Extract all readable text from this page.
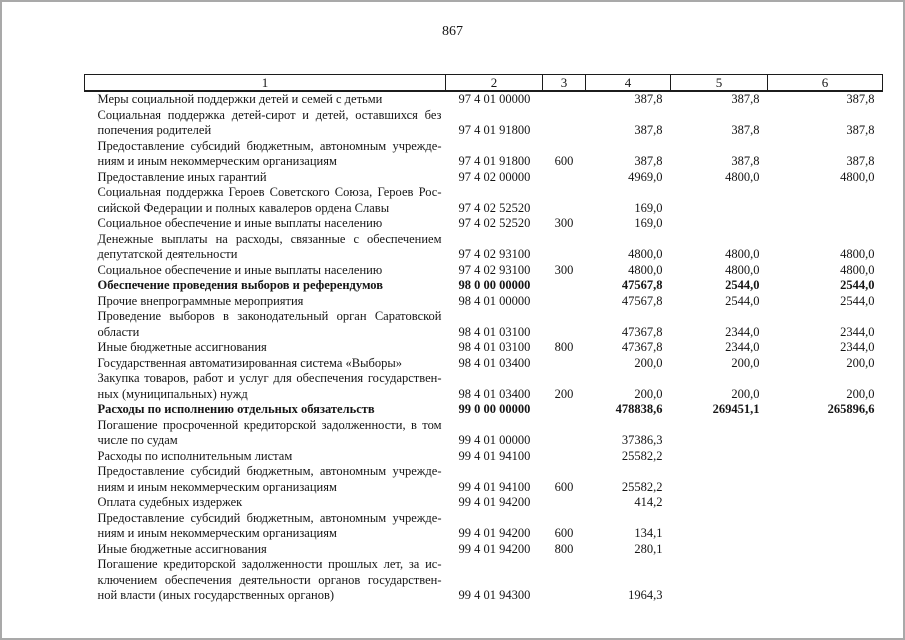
867
1	2	3	4	5	6

Меры социальной поддержки детей и семей с детьми	97 4 01 00000		387,8	387,8	387,8

Социальная поддержка детей-сирот и детей, оставшихся без
попечения родителей	97 4 01 91800		387,8	387,8	387,8

Предоставление субсидий бюджетным, автономным учрежде-
ниям и иным некоммерческим организациям	97 4 01 91800	600	387,8	387,8	387,8

Предоставление иных гарантий	97 4 02 00000		4969,0	4800,0	4800,0

Социальная поддержка Героев Советского Союза, Героев Рос-
сийской Федерации и полных кавалеров ордена Славы	97 4 02 52520		169,0		

Социальное обеспечение и иные выплаты населению	97 4 02 52520	300	169,0		

Денежные выплаты на расходы, связанные с обеспечением
депутатской деятельности	97 4 02 93100		4800,0	4800,0	4800,0

Социальное обеспечение и иные выплаты населению	97 4 02 93100	300	4800,0	4800,0	4800,0

Обеспечение проведения выборов и референдумов	98 0 00 00000		47567,8	2544,0	2544,0

Прочие внепрограммные мероприятия	98 4 01 00000		47567,8	2544,0	2544,0

Проведение выборов в законодательный орган Саратовской
области	98 4 01 03100		47367,8	2344,0	2344,0

Иные бюджетные ассигнования	98 4 01 03100	800	47367,8	2344,0	2344,0

Государственная автоматизированная система «Выборы»	98 4 01 03400		200,0	200,0	200,0

Закупка товаров, работ и услуг для обеспечения государствен-
ных (муниципальных) нужд	98 4 01 03400	200	200,0	200,0	200,0

Расходы по исполнению отдельных обязательств	99 0 00 00000		478838,6	269451,1	265896,6

Погашение просроченной кредиторской задолженности, в том
числе по судам	99 4 01 00000		37386,3		

Расходы по исполнительным листам	99 4 01 94100		25582,2		

Предоставление субсидий бюджетным, автономным учрежде-
ниям и иным некоммерческим организациям	99 4 01 94100	600	25582,2		

Оплата судебных издержек	99 4 01 94200		414,2		

Предоставление субсидий бюджетным, автономным учрежде-
ниям и иным некоммерческим организациям	99 4 01 94200	600	134,1		

Иные бюджетные ассигнования	99 4 01 94200	800	280,1		

Погашение кредиторской задолженности прошлых лет, за ис-
ключением обеспечения деятельности органов государствен-
ной власти (иных государственных органов)	99 4 01 94300		1964,3		
